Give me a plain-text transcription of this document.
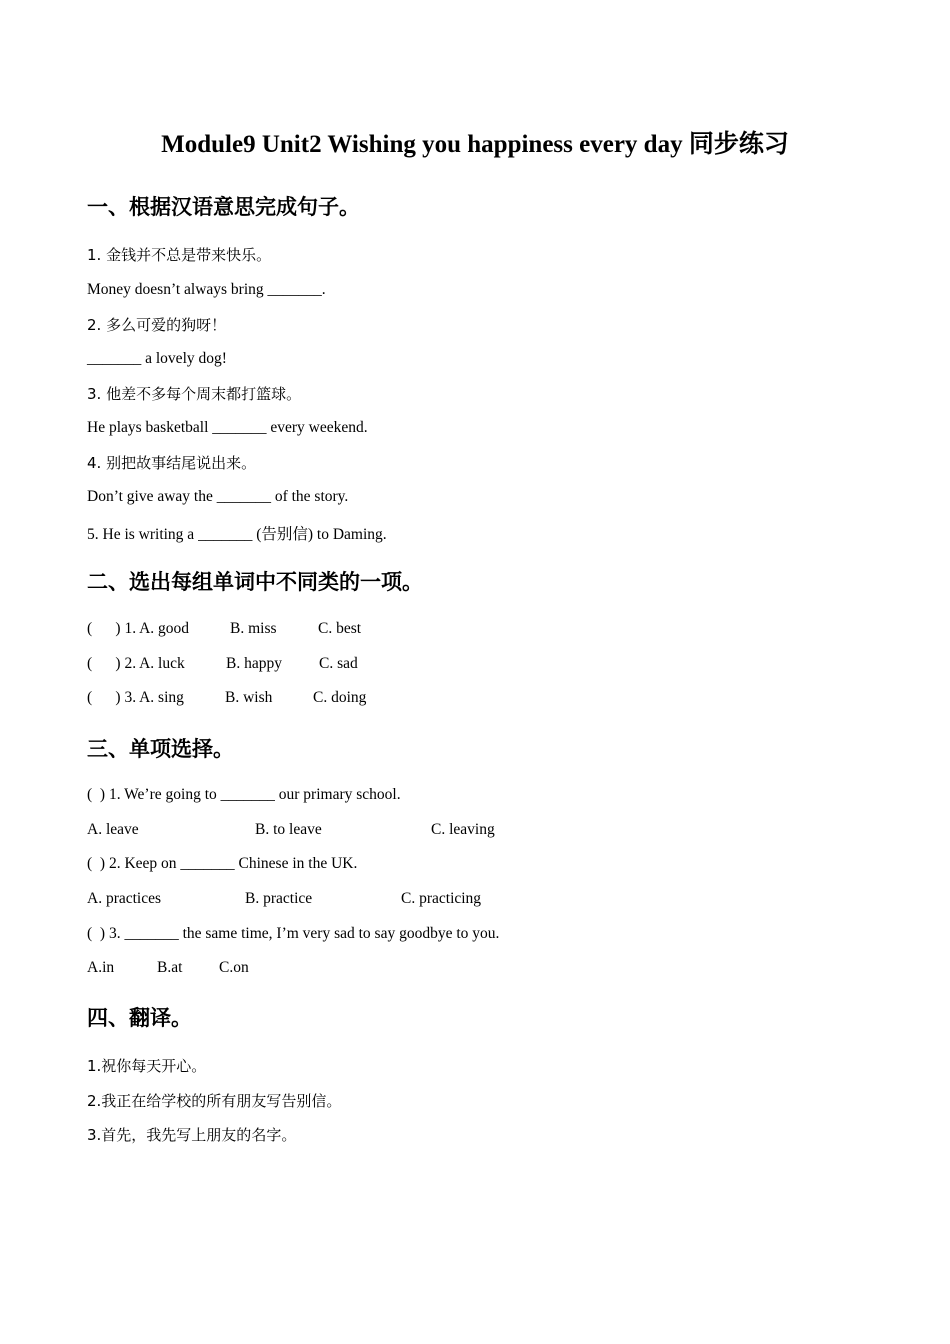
Module9 Unit2 Wishing you happiness every day 同步练习
一、根据汉语意思完成句子。
1. 金钱并不总是带来快乐。
Money doesn’t always bring _______.
2. 多么可爱的狗呀！
_______ a lovely dog!
3. 他差不多每个周末都打篮球。
He plays basketball _______ every weekend.
4. 别把故事结尾说出来。
Don’t give away the _______ of the story.
5. He is writing a _______ (告别信) to Daming.
二、选出每组单词中不同类的一项。
(      ) 1. A. good	B. miss	C. best
(      ) 2. A. luck	B. happy C. sad
(      ) 3. A. sing	B. wish	C. doing
三、单项选择。
(  ) 1. We’re going to _______ our primary school.
A. leave	B. to leave	C. leaving
(  ) 2. Keep on _______ Chinese in the UK.
A. practices	B. practice	C. practicing
(  ) 3. _______ the same time, I’m very sad to say goodbye to you.
A.in	B.at C.on
四、翻译。
1.祝你每天开心。
2.我正在给学校的所有朋友写告别信。
3.首先，我先写上朋友的名字。
